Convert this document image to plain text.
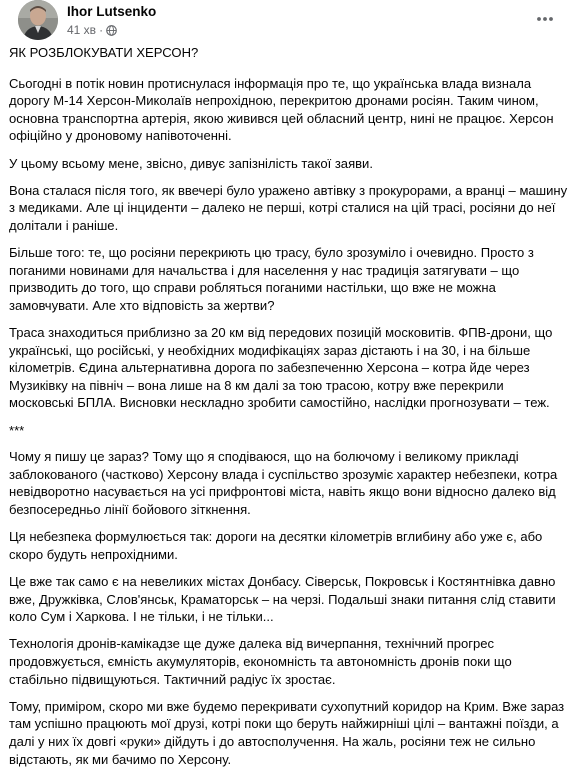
Ihor Lutsenko
41 хв ·

ЯК РОЗБЛОКУВАТИ ХЕРСОН?

Сьогодні в потік новин протиснулася інформація про те, що українська влада визнала дорогу М-14 Херсон-Миколаїв непрохідною, перекритою дронами росіян. Таким чином, основна транспортна артерія, якою живився цей обласний центр, нині не працює. Херсон офіційно у дроновому напівоточенні.

У цьому всьому мене, звісно, дивує запізнілість такої заяви.

Вона сталася після того, як ввечері було уражено автівку з прокурорами, а вранці – машину з медиками. Але ці інциденти – далеко не перші, котрі сталися на цій трасі, росіяни до неї долітали і раніше.

Більше того: те, що росіяни перекриють цю трасу, було зрозуміло і очевидно. Просто з поганими новинами для начальства і для населення у нас традиція затягувати – що призводить до того, що справи робляться поганими настільки, що вже не можна замовчувати. Але хто відповість за жертви?

Траса знаходиться приблизно за 20 км від передових позицій московитів. ФПВ-дрони, що українські, що російські, у необхідних модифікаціях зараз дістають і на 30, і на більше кілометрів. Єдина альтернативна дорога по забезпеченню Херсона – котра йде через Музиківку на північ – вона лише на 8 км далі за тою трасою, котру вже перекрили московські БПЛА. Висновки нескладно зробити самостійно, наслідки прогнозувати – теж.

***

Чому я пишу це зараз? Тому що я сподіваюся, що на болючому і великому прикладі заблокованого (частково) Херсону влада і суспільство зрозуміє характер небезпеки, котра невідворотно насувається на усі прифронтові міста, навіть якщо вони відносно далеко від безпосередньо лінії бойового зіткнення.

Ця небезпека формулюється так: дороги на десятки кілометрів вглибину або уже є, або скоро будуть непрохідними.

Це вже так само є на невеликих містах Донбасу. Сіверськ, Покровськ і Костянтнівка давно вже, Дружківка, Слов'янськ, Краматорськ – на черзі. Подальші знаки питання слід ставити коло Сум і Харкова. І не тільки, і не тільки...

Технологія дронів-камікадзе ще дуже далека від вичерпання, технічний прогрес продовжується, ємність акумуляторів, економність та автономність дронів поки що стабільно підвищуються. Тактичний радіус їх зростає.

Тому, приміром, скоро ми вже будемо перекривати сухопутний коридор на Крим. Вже зараз там успішно працюють мої друзі, котрі поки що беруть найжирніші цілі – вантажні поїзди, а далі у них їх довгі «руки» дійдуть і до автосполучення. На жаль, росіяни теж не сильно відстають, як ми бачимо по Херсону.
